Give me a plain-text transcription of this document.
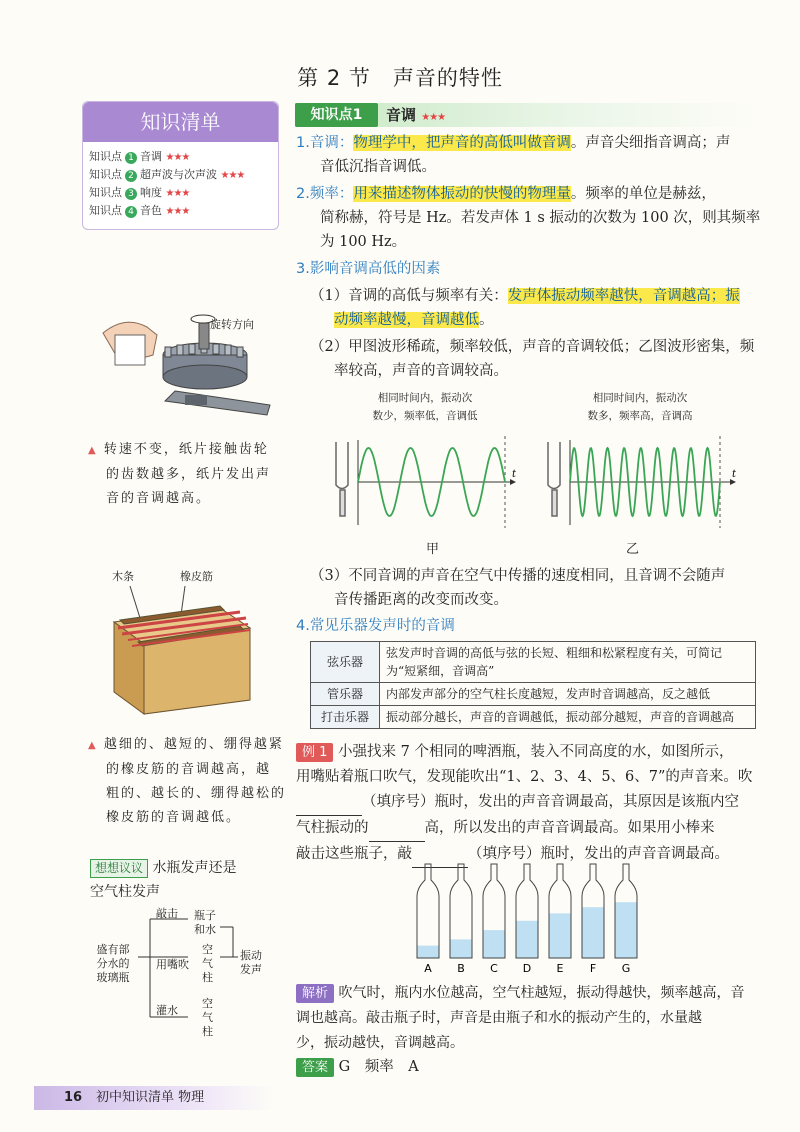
第 2 节　声音的特性
知识清单
知识点 1 音调 ★★★
知识点 2 超声波与次声波 ★★★
知识点 3 响度 ★★★
知识点 4 音色 ★★★
旋转方向
▲ 转速不变，纸片接触齿轮
的齿数越多，纸片发出声
音的音调越高。
木条	橡皮筋
▲ 越细的、越短的、绷得越紧
的橡皮筋的音调越高，越
粗的、越长的、绷得越松的
橡皮筋的音调越低。
想想议议 水瓶发声还是
空气柱发声
盛有部
分水的
玻璃瓶
敲击
用嘴吹
灌水
瓶子
和水
空
气
柱
空
气
柱
振动
发声
知识点1	音调 ★★★
1.音调：物理学中，把声音的高低叫做音调。声音尖细指音调高；声
音低沉指音调低。
2.频率：用来描述物体振动的快慢的物理量。频率的单位是赫兹，
简称赫，符号是 Hz。若发声体 1 s 振动的次数为 100 次，则其频率
为 100 Hz。
3.影响音调高低的因素
（1）音调的高低与频率有关：发声体振动频率越快，音调越高；振
动频率越慢，音调越低。
（2）甲图波形稀疏，频率较低，声音的音调较低；乙图波形密集，频
率较高，声音的音调较高。
相同时间内，振动次
数少，频率低，音调低
相同时间内，振动次
数多，频率高，音调高
t	t
甲	乙
（3）不同音调的声音在空气中传播的速度相同，且音调不会随声
音传播距离的改变而改变。
4.常见乐器发声时的音调
弦乐器	弦发声时音调的高低与弦的长短、粗细和松紧程度有关，可简记为“短紧细，音调高”
管乐器	内部发声部分的空气柱长度越短，发声时音调越高，反之越低
打击乐器	振动部分越长，声音的音调越低，振动部分越短，声音的音调越高
例 1 小强找来 7 个相同的啤酒瓶，装入不同高度的水，如图所示，
用嘴贴着瓶口吹气，发现能吹出“1、2、3、4、5、6、7”的声音来。吹
（填序号）瓶时，发出的声音音调最高，其原因是该瓶内空
气柱振动的	高，所以发出的声音音调最高。如果用小棒来
敲击这些瓶子，敲	（填序号）瓶时，发出的声音音调最高。
A B C D E F G
解析 吹气时，瓶内水位越高，空气柱越短，振动得越快，频率越高，音
调也越高。敲击瓶子时，声音是由瓶子和水的振动产生的，水量越
少，振动越快，音调越高。
答案 G　频率　A
16 初中知识清单 物理
